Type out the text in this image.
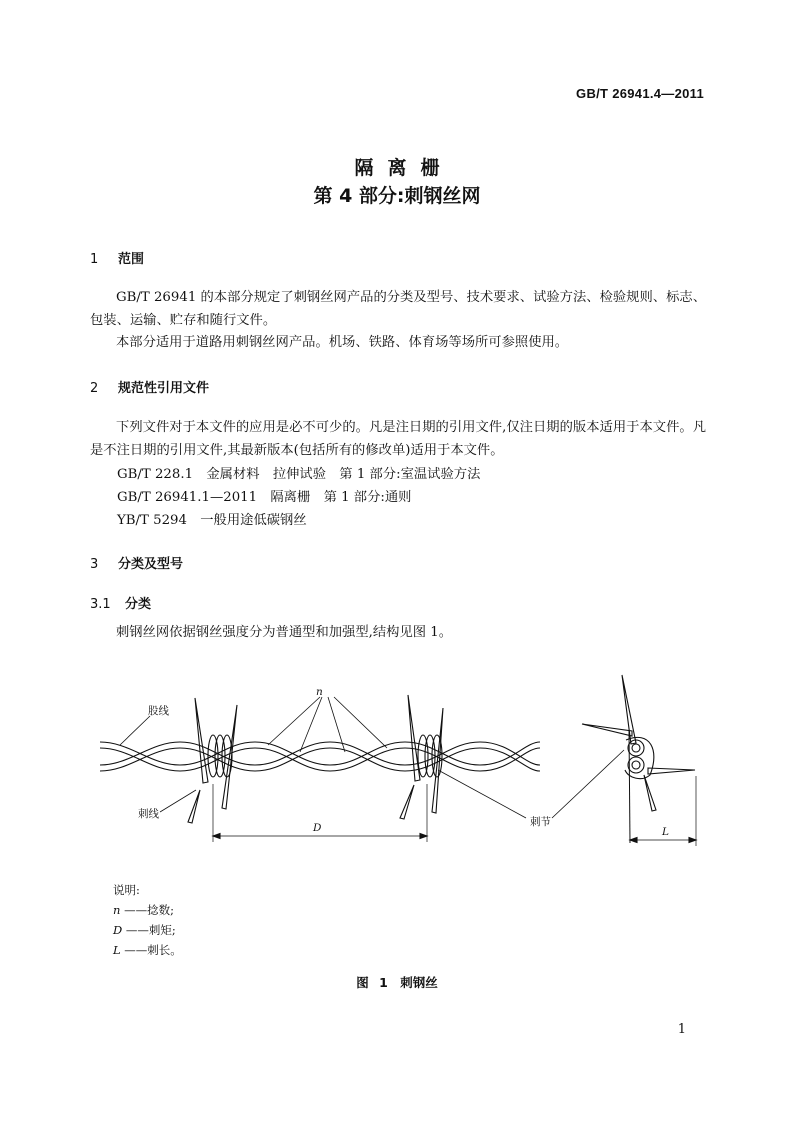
GB/T 26941.4—2011
隔离栅
第 4 部分:刺钢丝网
1 范围
GB/T 26941 的本部分规定了刺钢丝网产品的分类及型号、技术要求、试验方法、检验规则、标志、包装、运输、贮存和随行文件。
本部分适用于道路用刺钢丝网产品。机场、铁路、体育场等场所可参照使用。
2 规范性引用文件
下列文件对于本文件的应用是必不可少的。凡是注日期的引用文件,仅注日期的版本适用于本文件。凡是不注日期的引用文件,其最新版本(包括所有的修改单)适用于本文件。
GB/T 228.1　金属材料　拉伸试验　第 1 部分:室温试验方法
GB/T 26941.1—2011　隔离栅　第 1 部分:通则
YB/T 5294　一般用途低碳钢丝
3 分类及型号
3.1 分类
刺钢丝网依据钢丝强度分为普通型和加强型,结构见图 1。
股线
n
刺线
刺节
D	L
说明:
n ——捻数;
D ——刺矩;
L ——刺长。
图 1　刺钢丝
1
